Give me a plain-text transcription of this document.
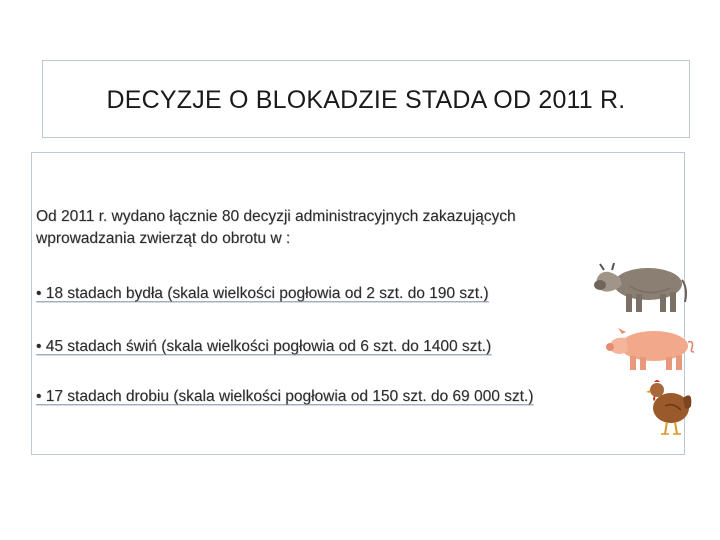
DECYZJE O BLOKADZIE STADA OD 2011 R.
Od 2011 r. wydano łącznie 80 decyzji administracyjnych zakazujących
wprowadzania zwierząt do obrotu w :
• 18 stadach bydła (skala wielkości pogłowia od 2 szt. do 190 szt.)
• 45 stadach świń (skala wielkości pogłowia od 6 szt. do 1400 szt.)
• 17 stadach drobiu (skala wielkości pogłowia od 150 szt. do 69 000 szt.)
